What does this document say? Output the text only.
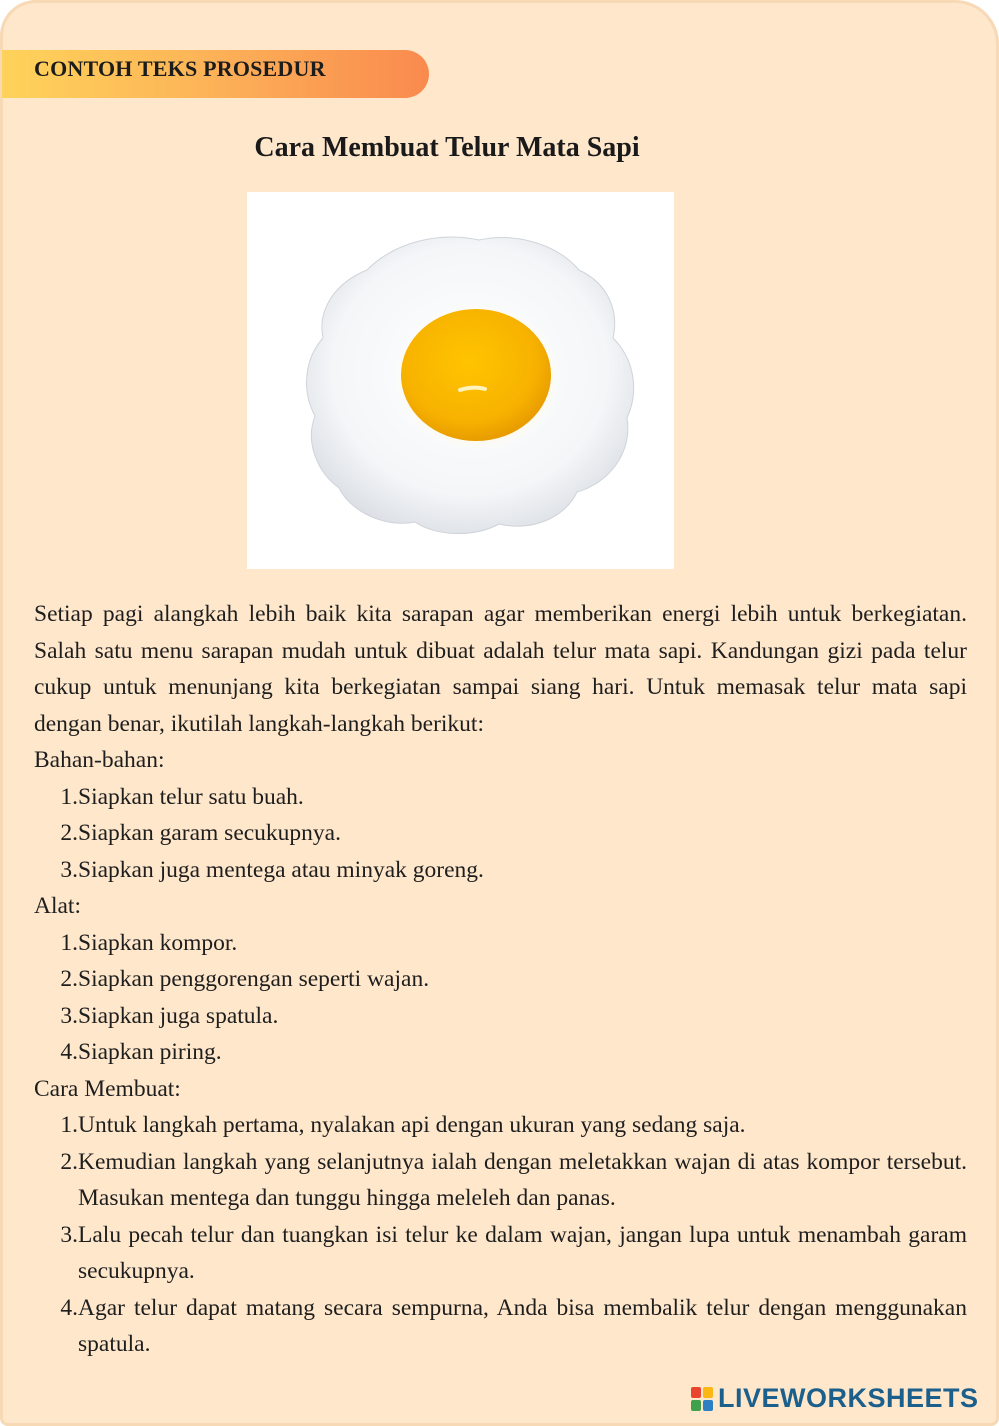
CONTOH TEKS PROSEDUR
Cara Membuat Telur Mata Sapi

Setiap pagi alangkah lebih baik kita sarapan agar memberikan energi lebih untuk berkegiatan. Salah satu menu sarapan mudah untuk dibuat adalah telur mata sapi. Kandungan gizi pada telur cukup untuk menunjang kita berkegiatan sampai siang hari. Untuk memasak telur mata sapi dengan benar, ikutilah langkah-langkah berikut:

Bahan-bahan:

1. Siapkan telur satu buah.
2. Siapkan garam secukupnya.
3. Siapkan juga mentega atau minyak goreng.

Alat:

1. Siapkan kompor.
2. Siapkan penggorengan seperti wajan.
3. Siapkan juga spatula.
4. Siapkan piring.

Cara Membuat:

1. Untuk langkah pertama, nyalakan api dengan ukuran yang sedang saja.
2. Kemudian langkah yang selanjutnya ialah dengan meletakkan wajan di atas kompor tersebut. Masukan mentega dan tunggu hingga meleleh dan panas.
3. Lalu pecah telur dan tuangkan isi telur ke dalam wajan, jangan lupa untuk menambah garam secukupnya.
4. Agar telur dapat matang secara sempurna, Anda bisa membalik telur dengan menggunakan spatula.
LIVEWORKSHEETS
